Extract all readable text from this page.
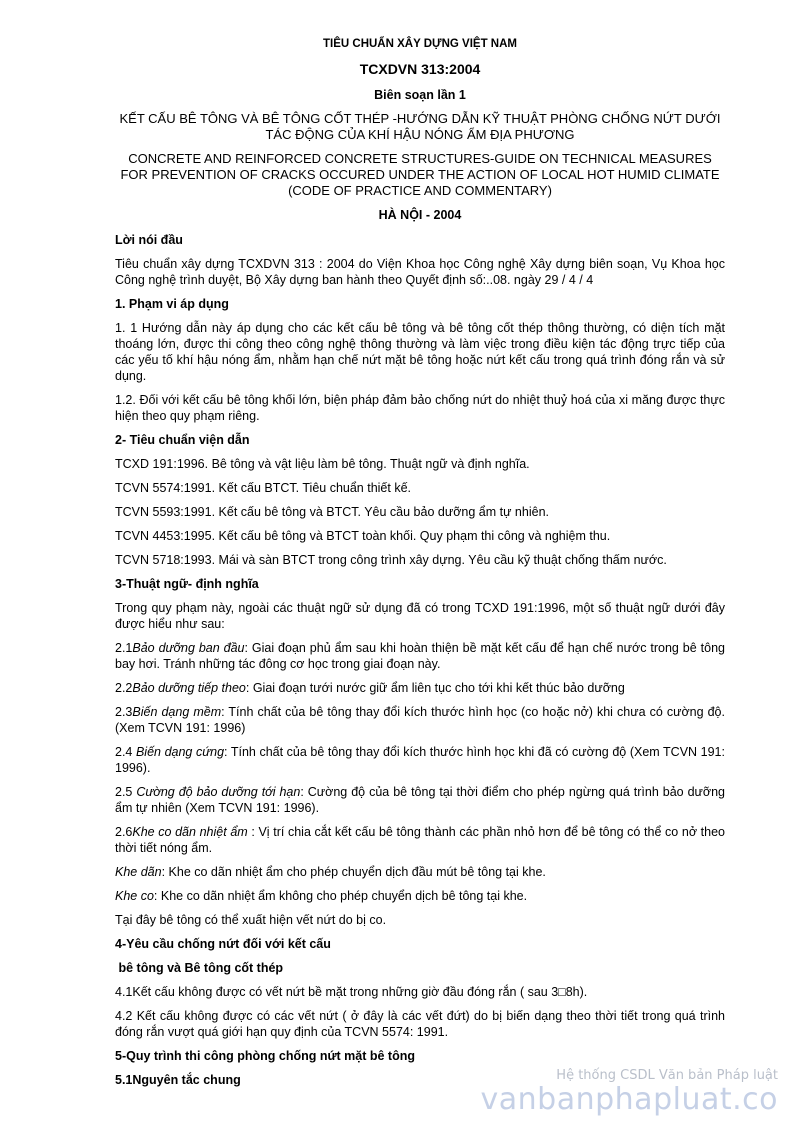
TIÊU CHUẨN XÂY DỰNG VIỆT NAM
TCXDVN 313:2004
Biên soạn lần 1
KẾT CẤU BÊ TÔNG VÀ BÊ TÔNG CỐT THÉP -HƯỚNG DẪN KỸ THUẬT PHÒNG CHỐNG NỨT DƯỚI TÁC ĐỘNG CỦA KHÍ HẬU NÓNG ẨM ĐỊA PHƯƠNG
CONCRETE AND REINFORCED CONCRETE STRUCTURES-GUIDE ON TECHNICAL MEASURES FOR PREVENTION OF CRACKS OCCURED UNDER THE ACTION OF LOCAL HOT HUMID CLIMATE (CODE OF PRACTICE AND COMMENTARY)
HÀ NỘI - 2004
Lời nói đầu
Tiêu chuẩn xây dựng TCXDVN 313 : 2004 do Viện Khoa học Công nghệ Xây dựng biên soạn, Vụ Khoa học Công nghệ trình duyệt, Bộ Xây dựng ban hành theo Quyết định số:..08. ngày 29 / 4 / 4
1. Phạm vi áp dụng
1. 1 Hướng dẫn này áp dụng cho các kết cấu bê tông và bê tông cốt thép thông thường, có diện tích mặt thoáng lớn, được thi công theo công nghệ thông thường và làm việc trong điều kiện tác động trực tiếp của các yếu tố khí hậu nóng ẩm, nhằm hạn chế nứt mặt bê tông hoặc nứt kết cấu trong quá trình đóng rắn và sử dụng.
1.2. Đối với kết cấu bê tông khối lớn, biện pháp đảm bảo chống nứt do nhiệt thuỷ hoá của xi măng được thực hiện theo quy phạm riêng.
2- Tiêu chuẩn viện dẫn
TCXD 191:1996. Bê tông và vật liệu làm bê tông. Thuật ngữ và định nghĩa.
TCVN 5574:1991. Kết cấu BTCT. Tiêu chuẩn thiết kế.
TCVN 5593:1991. Kết cấu bê tông và BTCT. Yêu cầu bảo dưỡng ẩm tự nhiên.
TCVN 4453:1995. Kết cấu bê tông và BTCT toàn khối. Quy phạm thi công và nghiệm thu.
TCVN 5718:1993. Mái và sàn BTCT trong công trình xây dựng. Yêu cầu kỹ thuật chống thấm nước.
3-Thuật ngữ- định nghĩa
Trong quy phạm này, ngoài các thuật ngữ sử dụng đã có trong TCXD 191:1996, một số thuật ngữ dưới đây được hiểu như sau:
2.1Bảo dưỡng ban đầu: Giai đoạn phủ ẩm sau khi hoàn thiện bề mặt kết cấu để hạn chế nước trong bê tông bay hơi. Tránh những tác đông cơ học trong giai đoạn này.
2.2Bảo dưỡng tiếp theo: Giai đoạn tưới nước giữ ẩm liên tục cho tới khi kết thúc bảo dưỡng
2.3Biến dạng mềm: Tính chất của bê tông thay đổi kích thước hình học (co hoặc nở) khi chưa có cường độ. (Xem TCVN 191: 1996)
2.4 Biến dạng cứng: Tính chất của bê tông thay đổi kích thước hình học khi đã có cường độ (Xem TCVN 191: 1996).
2.5 Cường độ bảo dưỡng tới hạn: Cường độ của bê tông tại thời điểm cho phép ngừng quá trình bảo dưỡng ẩm tự nhiên (Xem TCVN 191: 1996).
2.6Khe co dãn nhiệt ẩm : Vị trí chia cắt kết cấu bê tông thành các phần nhỏ hơn để bê tông có thể co nở theo thời tiết nóng ẩm.
Khe dãn: Khe co dãn nhiệt ẩm cho phép chuyển dịch đầu mút bê tông tại khe.
Khe co: Khe co dãn nhiệt ẩm không cho phép chuyển dịch bê tông tại khe.
Tại đây bê tông có thể xuất hiện vết nứt do bị co.
4-Yêu cầu chống nứt đối với kết cấu
bê tông và Bê tông cốt thép
4.1Kết cấu không được có vết nứt bề mặt trong những giờ đầu đóng rắn ( sau 3□8h).
4.2 Kết cấu không được có các vết nứt ( ở đây là các vết đứt) do bị biến dạng theo thời tiết trong quá trình đóng rắn vượt quá giới hạn quy định của TCVN 5574: 1991.
5-Quy trình thi công phòng chống nứt mặt bê tông
5.1Nguyên tắc chung	Hệ thống CSDL Văn bản Pháp luật
vanbanphapluat.co
